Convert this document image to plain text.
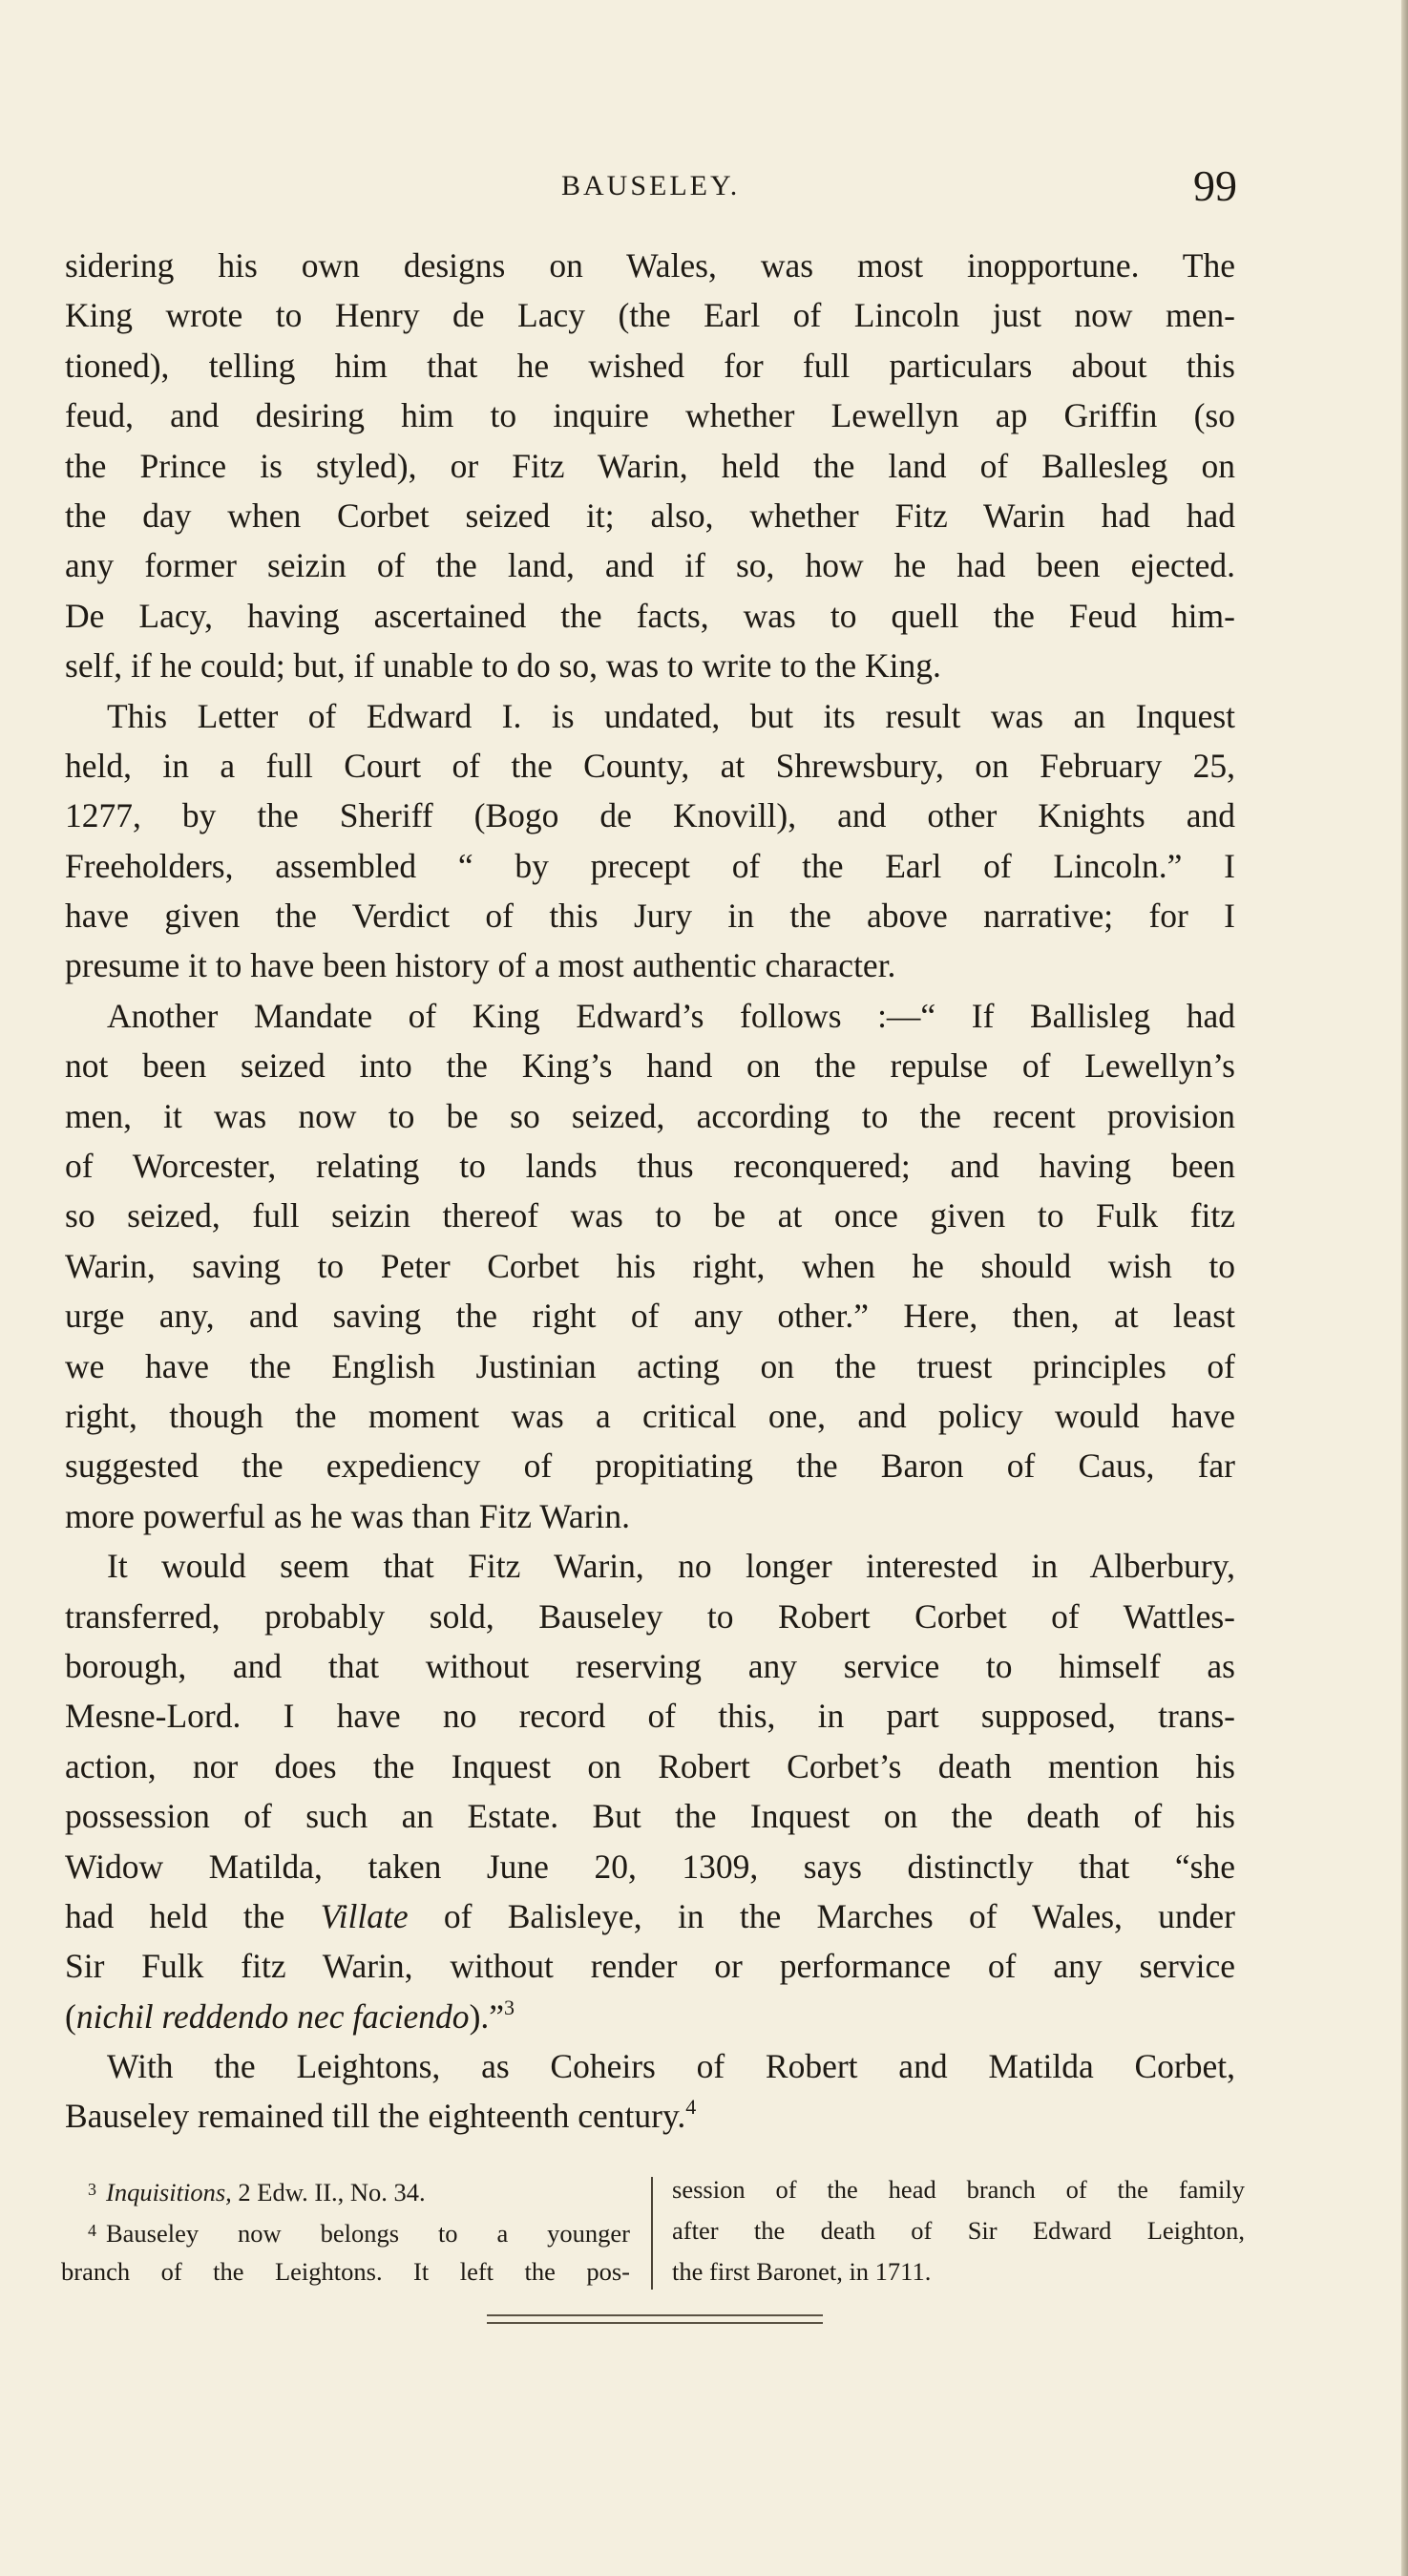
BAUSELEY.	99
sidering his own designs on Wales, was most inopportune. The
King wrote to Henry de Lacy (the Earl of Lincoln just now men-
tioned), telling him that he wished for full particulars about this
feud, and desiring him to inquire whether Lewellyn ap Griffin (so
the Prince is styled), or Fitz Warin, held the land of Ballesleg on
the day when Corbet seized it; also, whether Fitz Warin had had
any former seizin of the land, and if so, how he had been ejected.
De Lacy, having ascertained the facts, was to quell the Feud him-
self, if he could; but, if unable to do so, was to write to the King.
This Letter of Edward I. is undated, but its result was an Inquest
held, in a full Court of the County, at Shrewsbury, on February 25,
1277, by the Sheriff (Bogo de Knovill), and other Knights and
Freeholders, assembled “ by precept of the Earl of Lincoln.” I
have given the Verdict of this Jury in the above narrative; for I
presume it to have been history of a most authentic character.
Another Mandate of King Edward’s follows :—“ If Ballisleg had
not been seized into the King’s hand on the repulse of Lewellyn’s
men, it was now to be so seized, according to the recent provision
of Worcester, relating to lands thus reconquered; and having been
so seized, full seizin thereof was to be at once given to Fulk fitz
Warin, saving to Peter Corbet his right, when he should wish to
urge any, and saving the right of any other.” Here, then, at least
we have the English Justinian acting on the truest principles of
right, though the moment was a critical one, and policy would have
suggested the expediency of propitiating the Baron of Caus, far
more powerful as he was than Fitz Warin.
It would seem that Fitz Warin, no longer interested in Alberbury,
transferred, probably sold, Bauseley to Robert Corbet of Wattles-
borough, and that without reserving any service to himself as
Mesne-Lord. I have no record of this, in part supposed, trans-
action, nor does the Inquest on Robert Corbet’s death mention his
possession of such an Estate. But the Inquest on the death of his
Widow Matilda, taken June 20, 1309, says distinctly that “she
had held the Villate of Balisleye, in the Marches of Wales, under
Sir Fulk fitz Warin, without render or performance of any service
(nichil reddendo nec faciendo).”$^3$
With the Leightons, as Coheirs of Robert and Matilda Corbet,
Bauseley remained till the eighteenth century.$^4$
$^3$ Inquisitions, 2 Edw. II., No. 34.
$^4$ Bauseley now belongs to a younger
branch of the Leightons. It left the pos-
session of the head branch of the family
after the death of Sir Edward Leighton,
the first Baronet, in 1711.
